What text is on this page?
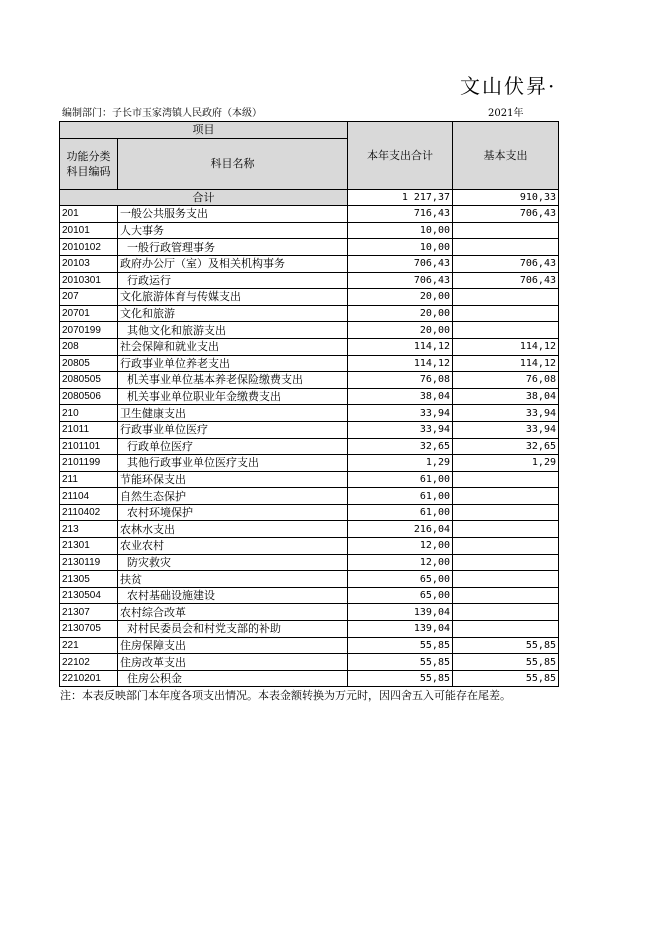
文山伏昇·
编制部门：子长市玉家湾镇人民政府（本级）	2021年
项目		本年支出合计	基本支出
功能分类科目编码	科目名称		
合计		1 217,37	910,33
201	一般公共服务支出	716,43	706,43
20101	人大事务	10,00	
2010102	一般行政管理事务	10,00	
20103	政府办公厅（室）及相关机构事务	706,43	706,43
2010301	行政运行	706,43	706,43
207	文化旅游体育与传媒支出	20,00	
20701	文化和旅游	20,00	
2070199	其他文化和旅游支出	20,00	
208	社会保障和就业支出	114,12	114,12
20805	行政事业单位养老支出	114,12	114,12
2080505	机关事业单位基本养老保险缴费支出	76,08	76,08
2080506	机关事业单位职业年金缴费支出	38,04	38,04
210	卫生健康支出	33,94	33,94
21011	行政事业单位医疗	33,94	33,94
2101101	行政单位医疗	32,65	32,65
2101199	其他行政事业单位医疗支出	1,29	1,29
211	节能环保支出	61,00	
21104	自然生态保护	61,00	
2110402	农村环境保护	61,00	
213	农林水支出	216,04	
21301	农业农村	12,00	
2130119	防灾救灾	12,00	
21305	扶贫	65,00	
2130504	农村基础设施建设	65,00	
21307	农村综合改革	139,04	
2130705	对村民委员会和村党支部的补助	139,04	
221	住房保障支出	55,85	55,85
22102	住房改革支出	55,85	55,85
2210201	住房公积金	55,85	55,85
注：本表反映部门本年度各项支出情况。本表金额转换为万元时，因四舍五入可能存在尾差。
